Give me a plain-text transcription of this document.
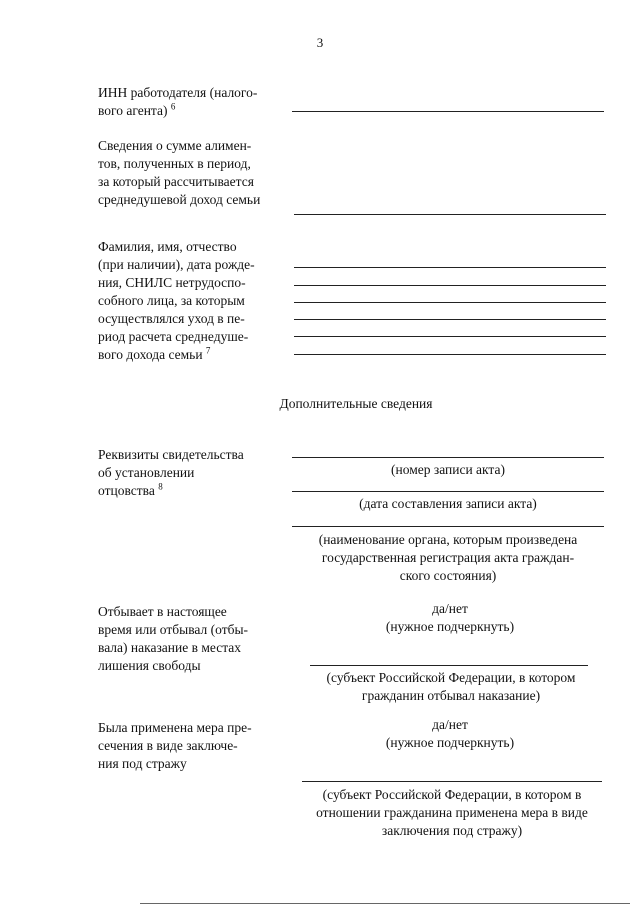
3
ИНН работодателя (налого-
вого агента) $^6$
Сведения о сумме алимен-
тов, полученных в период,
за который рассчитывается
среднедушевой доход семьи
Фамилия, имя, отчество
(при наличии), дата рожде-
ния, СНИЛС нетрудоспо-
собного лица, за которым
осуществлялся уход в пе-
риод расчета среднедуше-
вого дохода семьи $^7$
Дополнительные сведения
Реквизиты свидетельства
об установлении
отцовства $^8$
(номер записи акта)
(дата составления записи акта)
(наименование органа, которым произведена
государственная регистрация акта граждан-
ского состояния)
Отбывает в настоящее
время или отбывал (отбы-
вала) наказание в местах
лишения свободы
да/нет
(нужное подчеркнуть)
(субъект Российской Федерации, в котором
гражданин отбывал наказание)
Была применена мера пре-
сечения в виде заключе-
ния под стражу
да/нет
(нужное подчеркнуть)
(субъект Российской Федерации, в котором в
отношении гражданина применена мера в виде
заключения под стражу)
